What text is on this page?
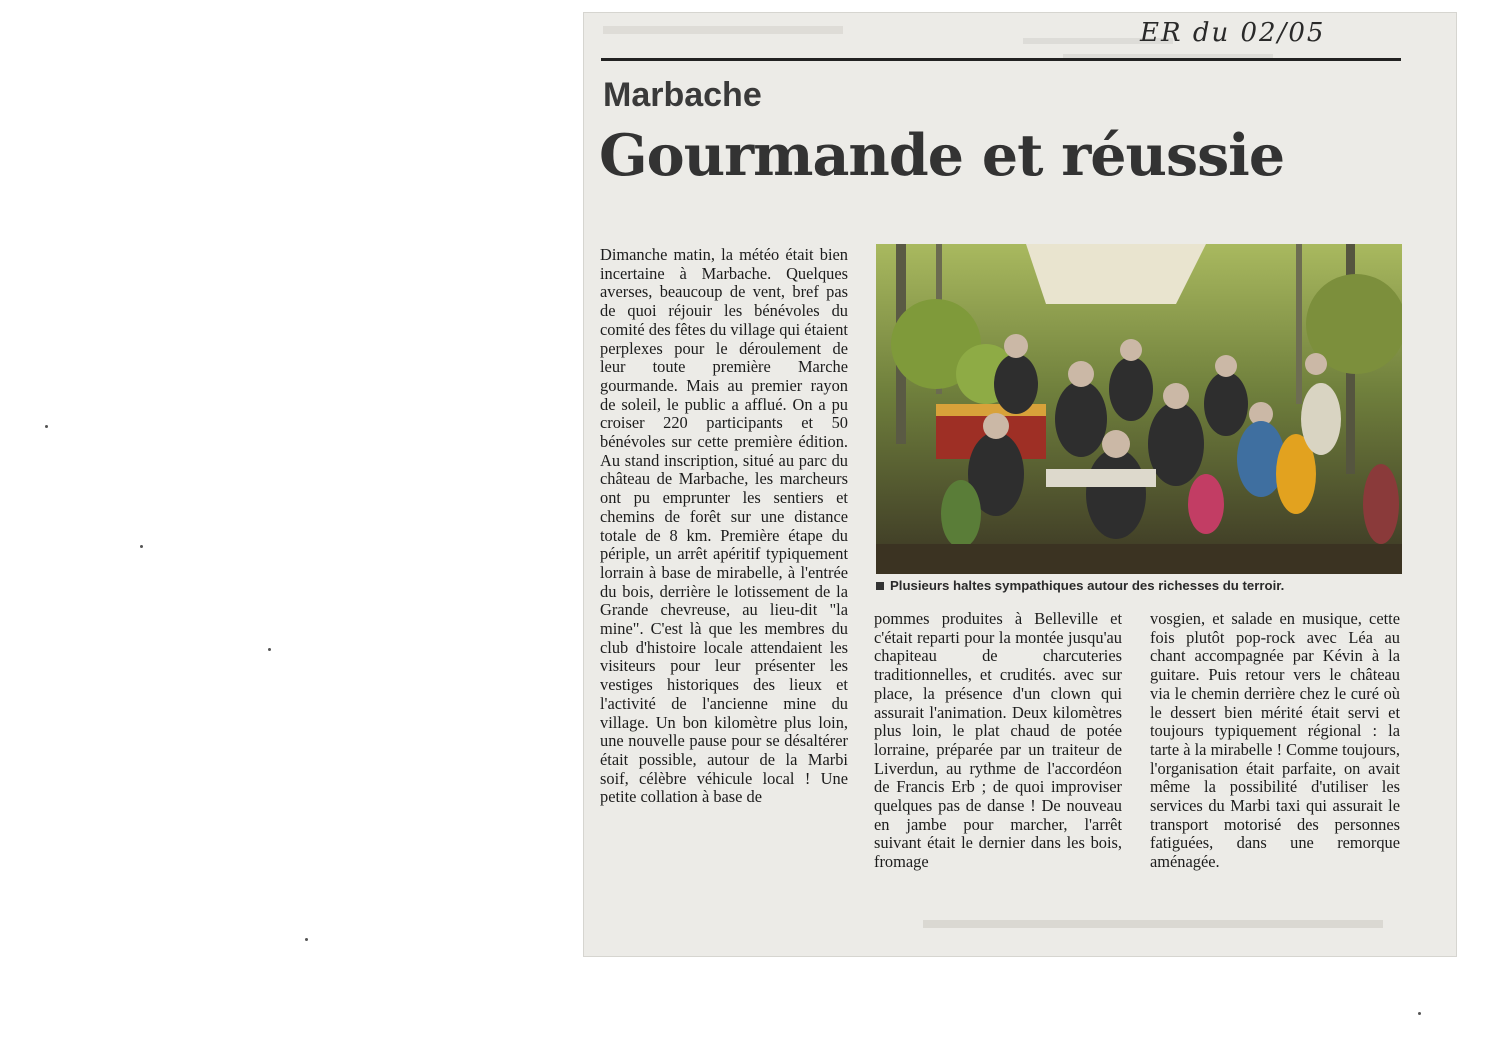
Marbache
Gourmande et réussie
Dimanche matin, la météo était bien incertaine à Marbache. Quelques averses, beaucoup de vent, bref pas de quoi réjouir les bénévoles du comité des fêtes du village qui étaient perplexes pour le déroulement de leur toute première Marche gourmande. Mais au premier rayon de soleil, le public a afflué. On a pu croiser 220 participants et 50 bénévoles sur cette première édition. Au stand inscription, situé au parc du château de Marbache, les marcheurs ont pu emprunter les sentiers et chemins de forêt sur une distance totale de 8 km. Première étape du périple, un arrêt apéritif typiquement lorrain à base de mirabelle, à l'entrée du bois, derrière le lotissement de la Grande chevreuse, au lieu-dit "la mine". C'est là que les membres du club d'histoire locale attendaient les visiteurs pour leur présenter les vestiges historiques des lieux et l'activité de l'ancienne mine du village. Un bon kilomètre plus loin, une nouvelle pause pour se désaltérer était possible, autour de la Marbi soif, célèbre véhicule local ! Une petite collation à base de
Plusieurs haltes sympathiques autour des richesses du terroir.
pommes produites à Belleville et c'était reparti pour la montée jusqu'au chapiteau de charcuteries traditionnelles, et crudités. avec sur place, la présence d'un clown qui assurait l'animation. Deux kilomètres plus loin, le plat chaud de potée lorraine, préparée par un traiteur de Liverdun, au rythme de l'accordéon de Francis Erb ; de quoi improviser quelques pas de danse ! De nouveau en jambe pour marcher, l'arrêt suivant était le dernier dans les bois, fromage
vosgien, et salade en musique, cette fois plutôt pop-rock avec Léa au chant accompagnée par Kévin à la guitare. Puis retour vers le château via le chemin derrière chez le curé où le dessert bien mérité était servi et toujours typiquement régional : la tarte à la mirabelle ! Comme toujours, l'organisation était parfaite, on avait même la possibilité d'utiliser les services du Marbi taxi qui assurait le transport motorisé des personnes fatiguées, dans une remorque aménagée.
ER du 02/05
